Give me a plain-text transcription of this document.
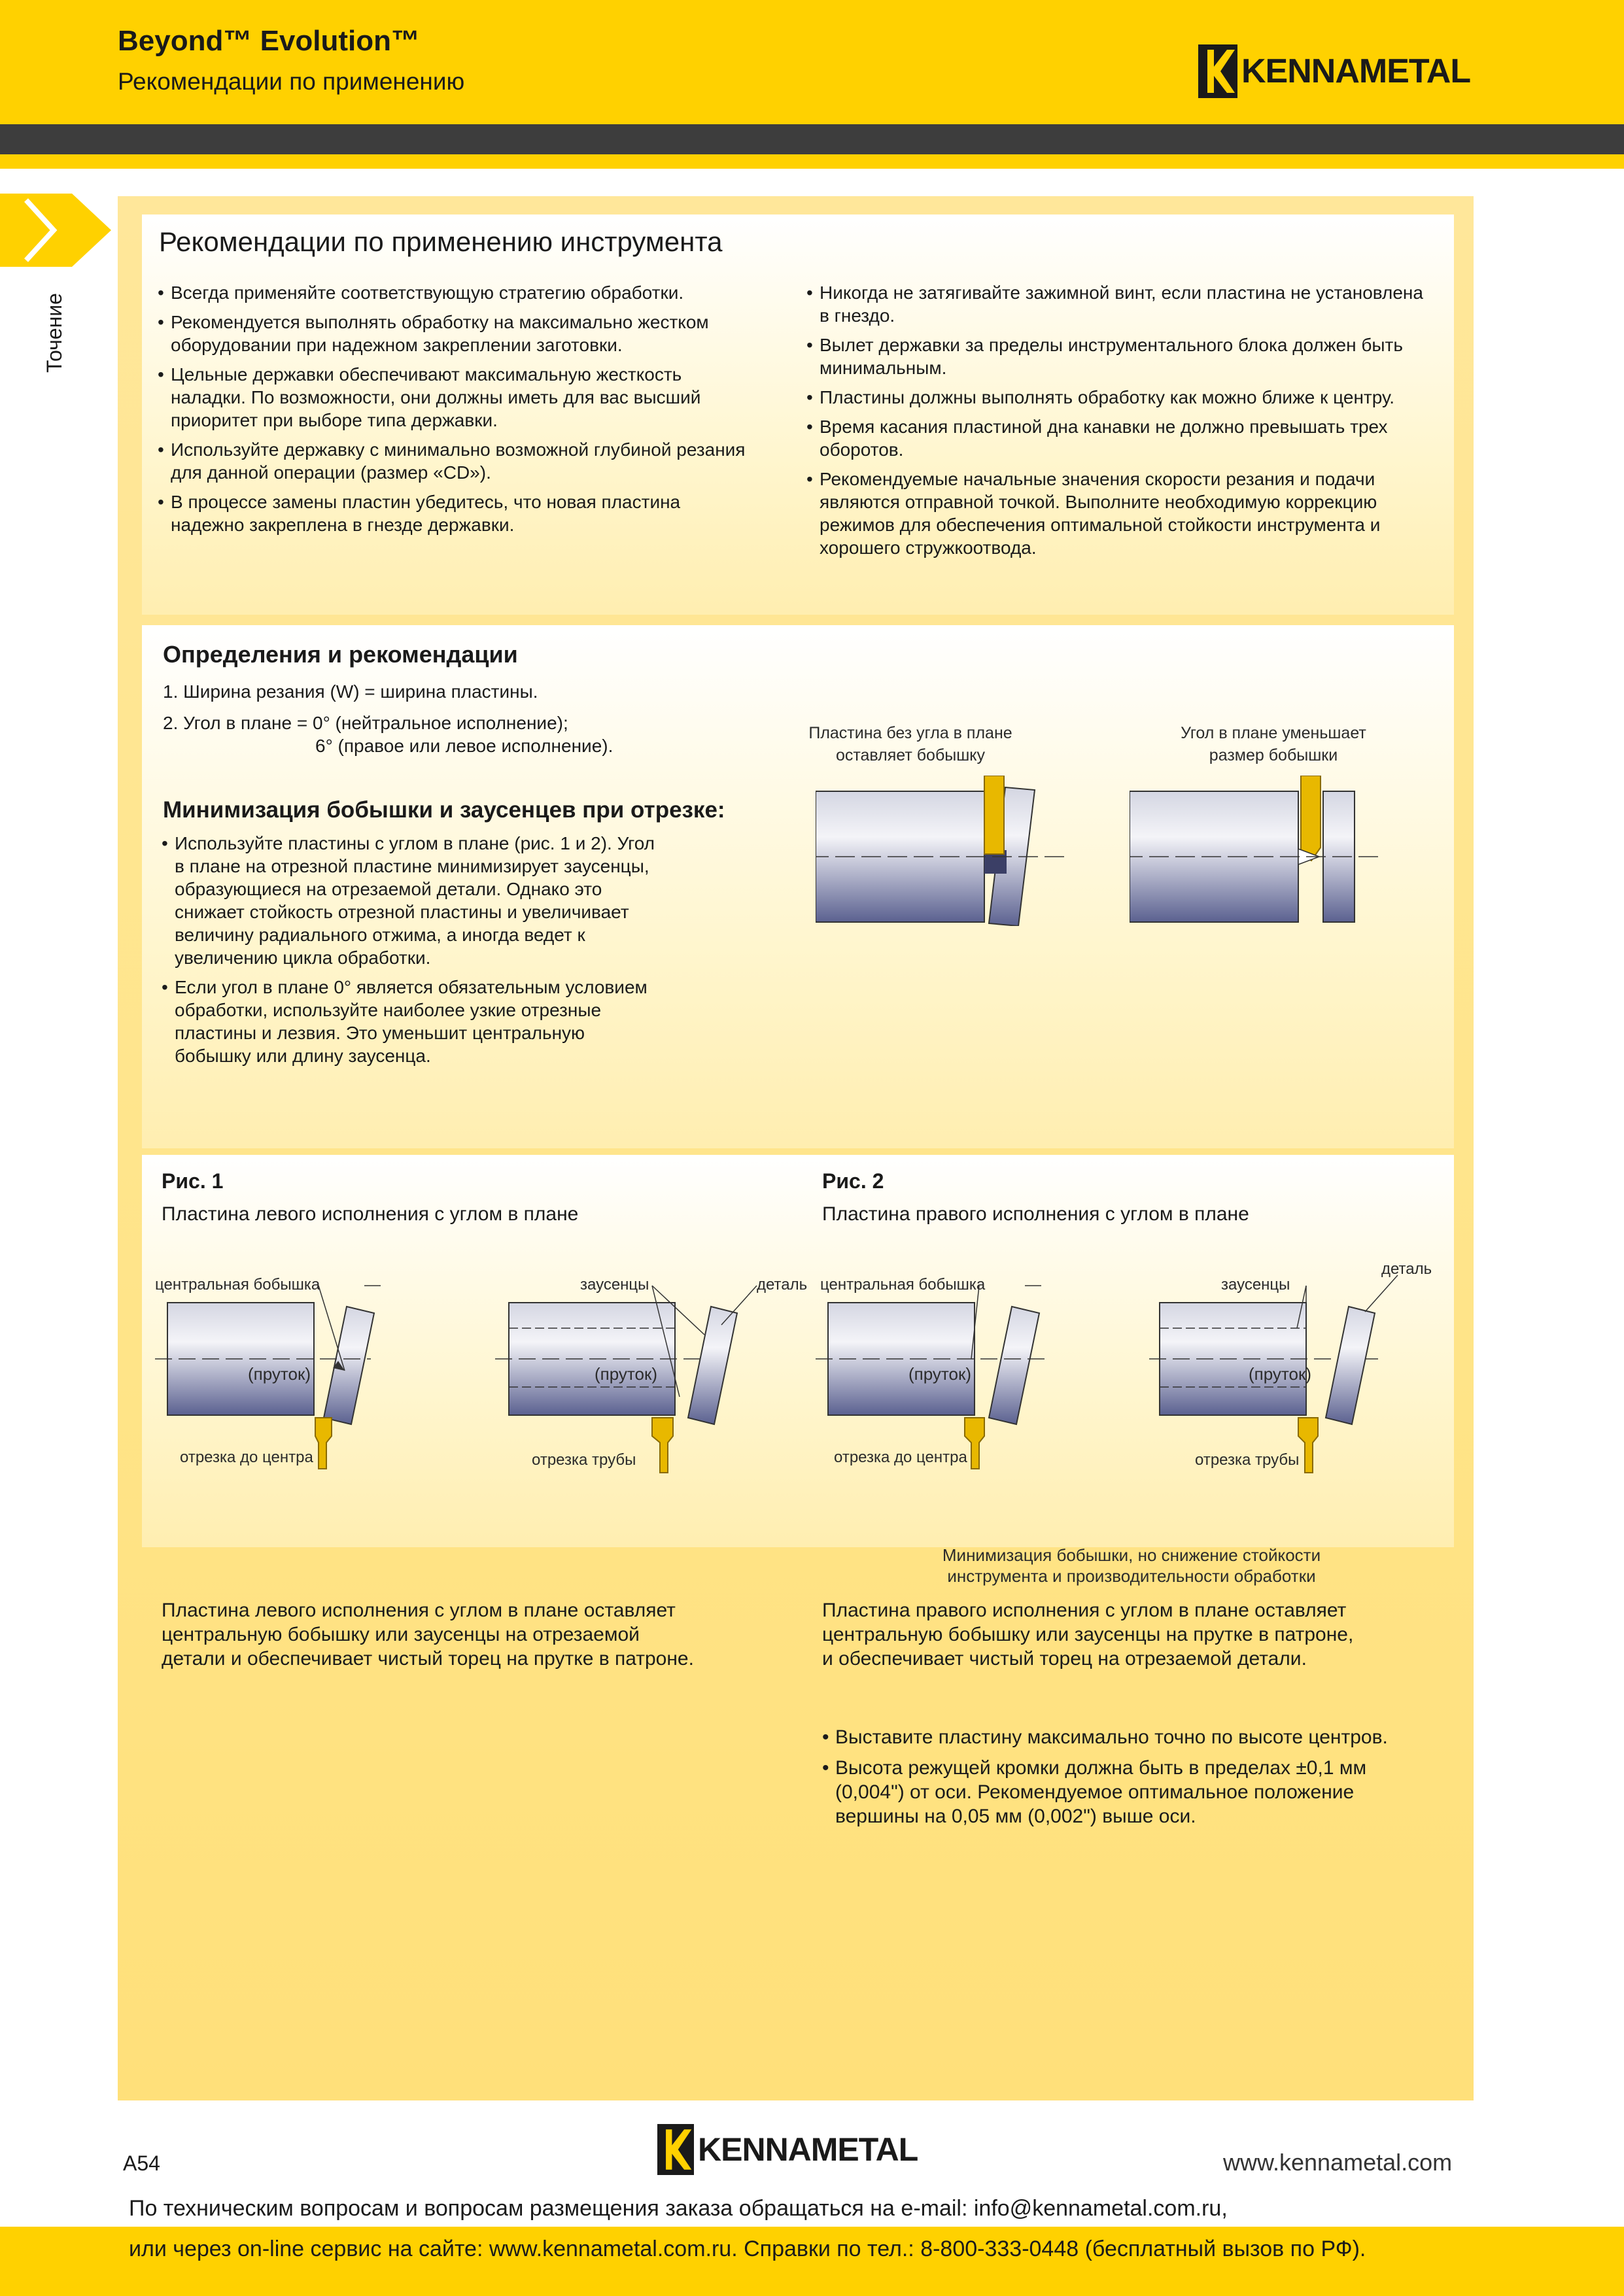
Beyond™ Evolution™
Рекомендации по применению	KENNAMETAL
Точение
Рекомендации по применению инструмента
• Всегда применяйте соответствующую стратегию обработки.
• Рекомендуется выполнять обработку на максимально жестком оборудовании при надежном закреплении заготовки.
• Цельные державки обеспечивают максимальную жесткость наладки. По возможности, они должны иметь для вас высший приоритет при выборе типа державки.
• Используйте державку с минимально возможной глубиной резания для данной операции (размер «CD»).
• В процессе замены пластин убедитесь, что новая пластина надежно закреплена в гнезде державки.
• Никогда не затягивайте зажимной винт, если пластина не установлена в гнездо.
• Вылет державки за пределы инструментального блока должен быть минимальным.
• Пластины должны выполнять обработку как можно ближе к центру.
• Время касания пластиной дна канавки не должно превышать трех оборотов.
• Рекомендуемые начальные значения скорости резания и подачи являются отправной точкой. Выполните необходимую коррекцию режимов для обеспечения оптимальной стойкости инструмента и хорошего стружкоотвода.
Определения и рекомендации
1. Ширина резания (W) = ширина пластины.
2. Угол в плане = 0° (нейтральное исполнение);
6° (правое или левое исполнение).
Минимизация бобышки и заусенцев при отрезке:
• Используйте пластины с углом в плане (рис. 1 и 2). Угол в плане на отрезной пластине минимизирует заусенцы, образующиеся на отрезаемой детали. Однако это снижает стойкость отрезной пластины и увеличивает величину радиального отжима, а иногда ведет к увеличению цикла обработки.
• Если угол в плане 0° является обязательным условием обработки, используйте наиболее узкие отрезные пластины и лезвия. Это уменьшит центральную бобышку или длину заусенца.
Пластина без угла в плане
оставляет бобышку
Угол в плане уменьшает
размер бобышки
Рис. 1
Пластина левого исполнения с углом в плане
Рис. 2
Пластина правого исполнения с углом в плане
центральная бобышка
(пруток)
отрезка до центра
заусенцы	деталь
(пруток)
отрезка трубы
центральная бобышка
(пруток)
отрезка до центра
заусенцы
деталь
(пруток)
отрезка трубы
Минимизация бобышки, но снижение стойкости
инструмента и производительности обработки
Пластина левого исполнения с углом в плане оставляет
центральную бобышку или заусенцы на отрезаемой
детали и обеспечивает чистый торец на прутке в патроне.
Пластина правого исполнения с углом в плане оставляет
центральную бобышку или заусенцы на прутке в патроне,
и обеспечивает чистый торец на отрезаемой детали.
• Выставите пластину максимально точно по высоте центров.
• Высота режущей кромки должна быть в пределах ±0,1 мм (0,004") от оси. Рекомендуемое оптимальное положение вершины на 0,05 мм (0,002") выше оси.
A54	KENNAMETAL	www.kennametal.com
По техническим вопросам и вопросам размещения заказа обращаться на e-mail: info@kennametal.com.ru,
или через on-line сервис на сайте: www.kennametal.com.ru. Справки по тел.: 8-800-333-0448 (бесплатный вызов по РФ).
